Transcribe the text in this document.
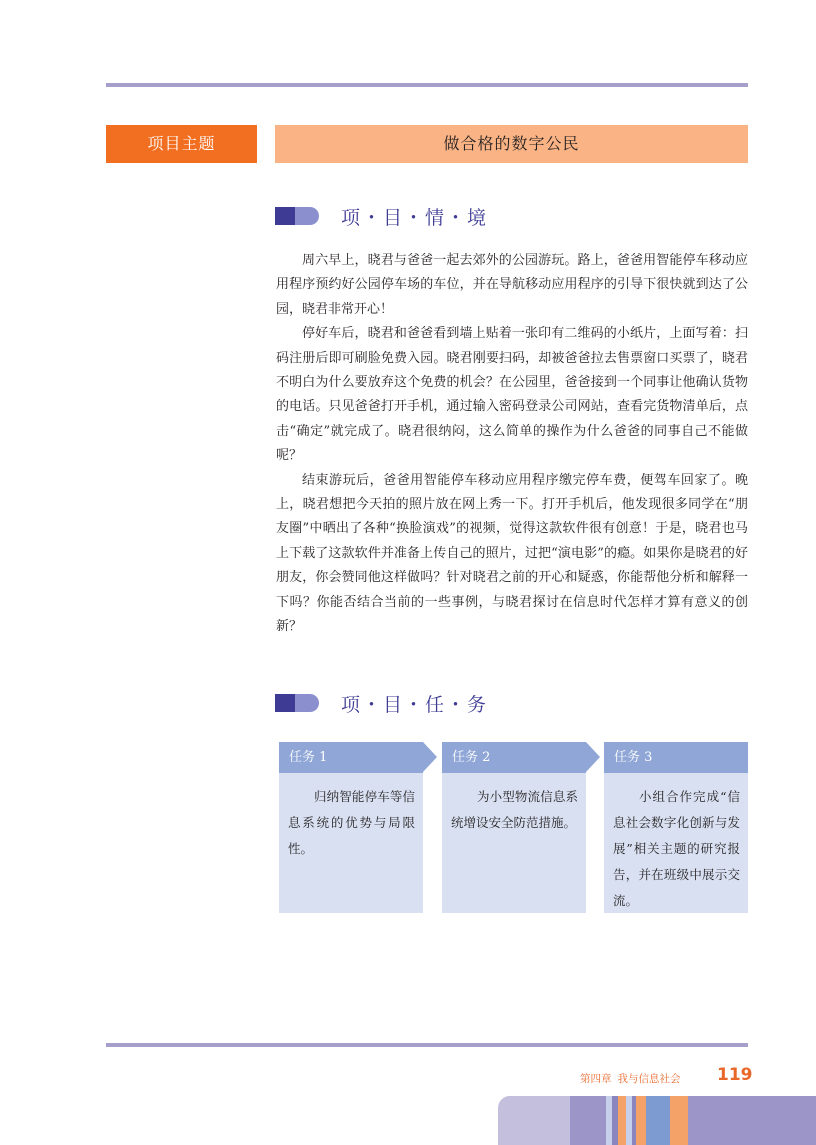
项目主题	做合格的数字公民
项・目・情・境

周六早上，晓君与爸爸一起去郊外的公园游玩。路上，爸爸用智能停车移动应用程序预约好公园停车场的车位，并在导航移动应用程序的引导下很快就到达了公园，晓君非常开心！

停好车后，晓君和爸爸看到墙上贴着一张印有二维码的小纸片，上面写着：扫码注册后即可刷脸免费入园。晓君刚要扫码，却被爸爸拉去售票窗口买票了，晓君不明白为什么要放弃这个免费的机会？在公园里，爸爸接到一个同事让他确认货物的电话。只见爸爸打开手机，通过输入密码登录公司网站，查看完货物清单后，点击“确定”就完成了。晓君很纳闷，这么简单的操作为什么爸爸的同事自己不能做呢？

结束游玩后，爸爸用智能停车移动应用程序缴完停车费，便驾车回家了。晚上，晓君想把今天拍的照片放在网上秀一下。打开手机后，他发现很多同学在“朋友圈”中晒出了各种“换脸演戏”的视频，觉得这款软件很有创意！于是，晓君也马上下载了这款软件并准备上传自己的照片，过把“演电影”的瘾。如果你是晓君的好朋友，你会赞同他这样做吗？针对晓君之前的开心和疑惑，你能帮他分析和解释一下吗？你能否结合当前的一些事例，与晓君探讨在信息时代怎样才算有意义的创新？

项・目・任・务
任务 1
归纳智能停车等信息系统的优势与局限性。
任务 2
为小型物流信息系统增设安全防范措施。
任务 3
小组合作完成“信息社会数字化创新与发展”相关主题的研究报告，并在班级中展示交流。
第四章 我与信息社会	119
